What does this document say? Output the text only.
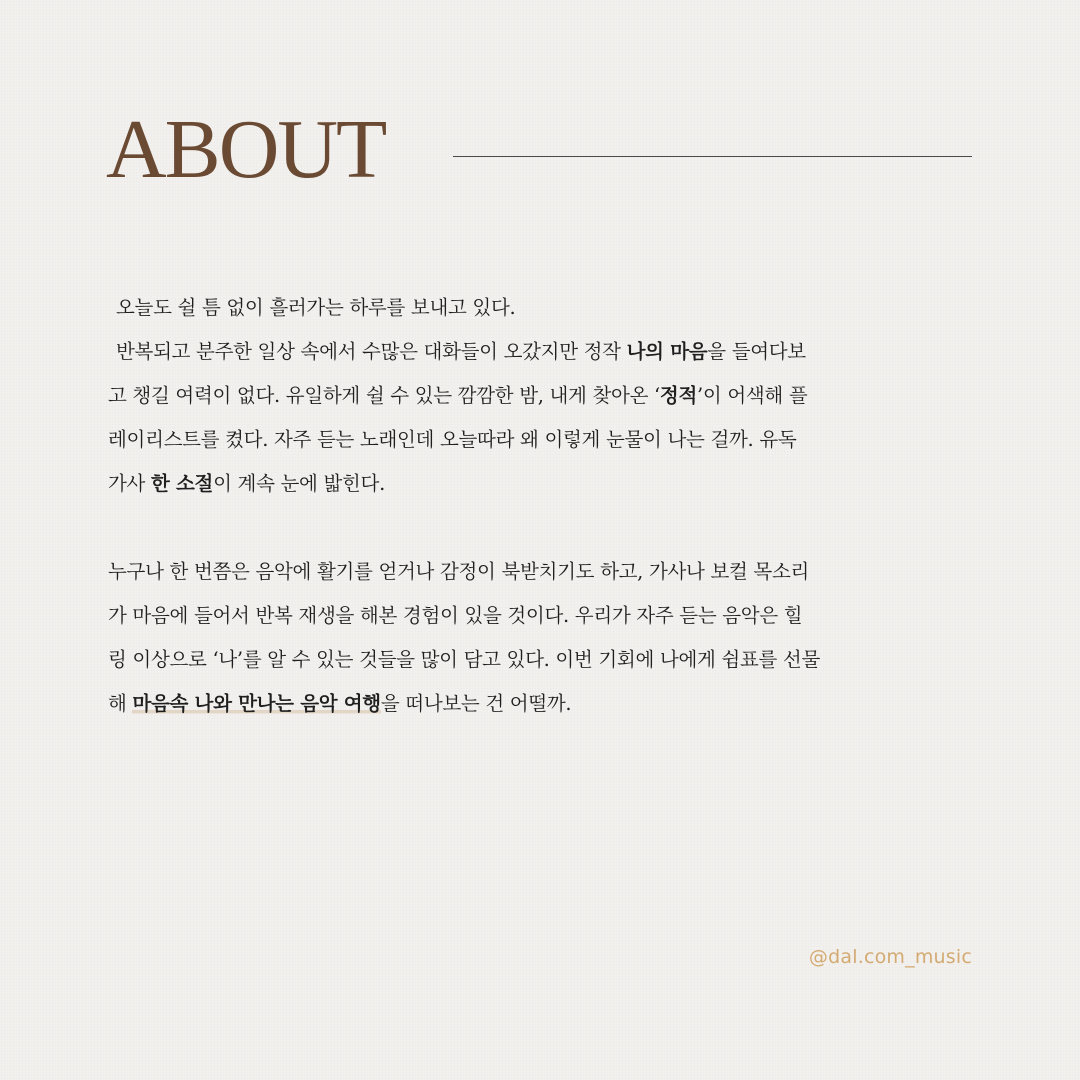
ABOUT

오늘도 쉴 틈 없이 흘러가는 하루를 보내고 있다.
반복되고 분주한 일상 속에서 수많은 대화들이 오갔지만 정작 나의 마음을 들여다보
고 챙길 여력이 없다. 유일하게 쉴 수 있는 깜깜한 밤, 내게 찾아온 ‘정적’이 어색해 플
레이리스트를 켰다. 자주 듣는 노래인데 오늘따라 왜 이렇게 눈물이 나는 걸까. 유독
가사 한 소절이 계속 눈에 밟힌다.

누구나 한 번쯤은 음악에 활기를 얻거나 감정이 북받치기도 하고, 가사나 보컬 목소리
가 마음에 들어서 반복 재생을 해본 경험이 있을 것이다. 우리가 자주 듣는 음악은 힐
링 이상으로 ‘나’를 알 수 있는 것들을 많이 담고 있다. 이번 기회에 나에게 쉼표를 선물
해 마음속 나와 만나는 음악 여행을 떠나보는 건 어떨까.

@dal.com_music
